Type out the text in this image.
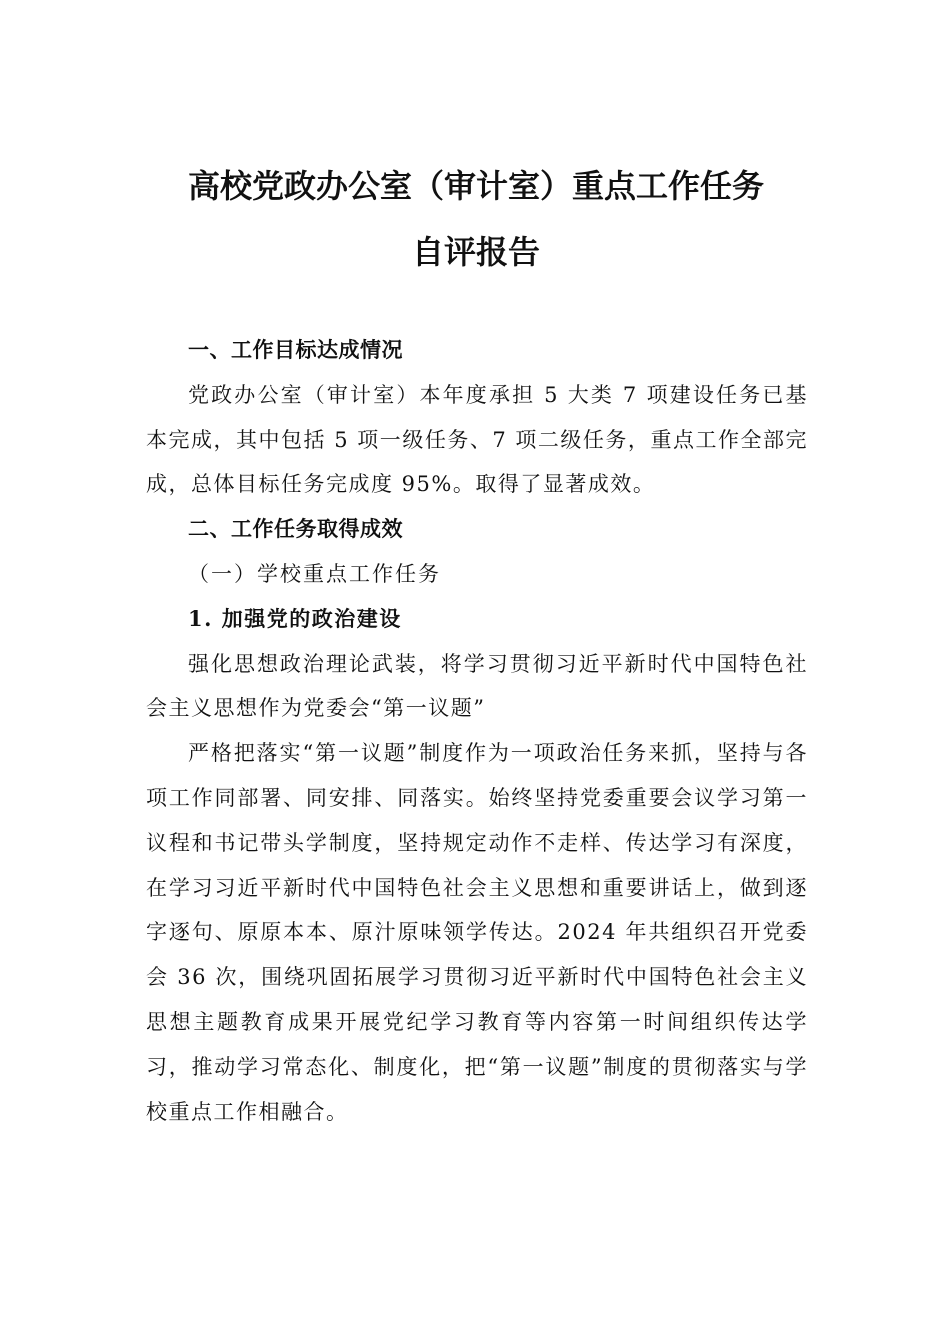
高校党政办公室（审计室）重点工作任务
自评报告

一、工作目标达成情况

党政办公室（审计室）本年度承担 5 大类 7 项建设任务已基本完成，其中包括 5 项一级任务、7 项二级任务，重点工作全部完成，总体目标任务完成度 95%。取得了显著成效。

二、工作任务取得成效

（一）学校重点工作任务

1. 加强党的政治建设

强化思想政治理论武装，将学习贯彻习近平新时代中国特色社会主义思想作为党委会“第一议题”

严格把落实“第一议题”制度作为一项政治任务来抓，坚持与各项工作同部署、同安排、同落实。始终坚持党委重要会议学习第一议程和书记带头学制度，坚持规定动作不走样、传达学习有深度，在学习习近平新时代中国特色社会主义思想和重要讲话上，做到逐字逐句、原原本本、原汁原味领学传达。2024 年共组织召开党委会 36 次，围绕巩固拓展学习贯彻习近平新时代中国特色社会主义思想主题教育成果开展党纪学习教育等内容第一时间组织传达学习，推动学习常态化、制度化，把“第一议题”制度的贯彻落实与学校重点工作相融合。
